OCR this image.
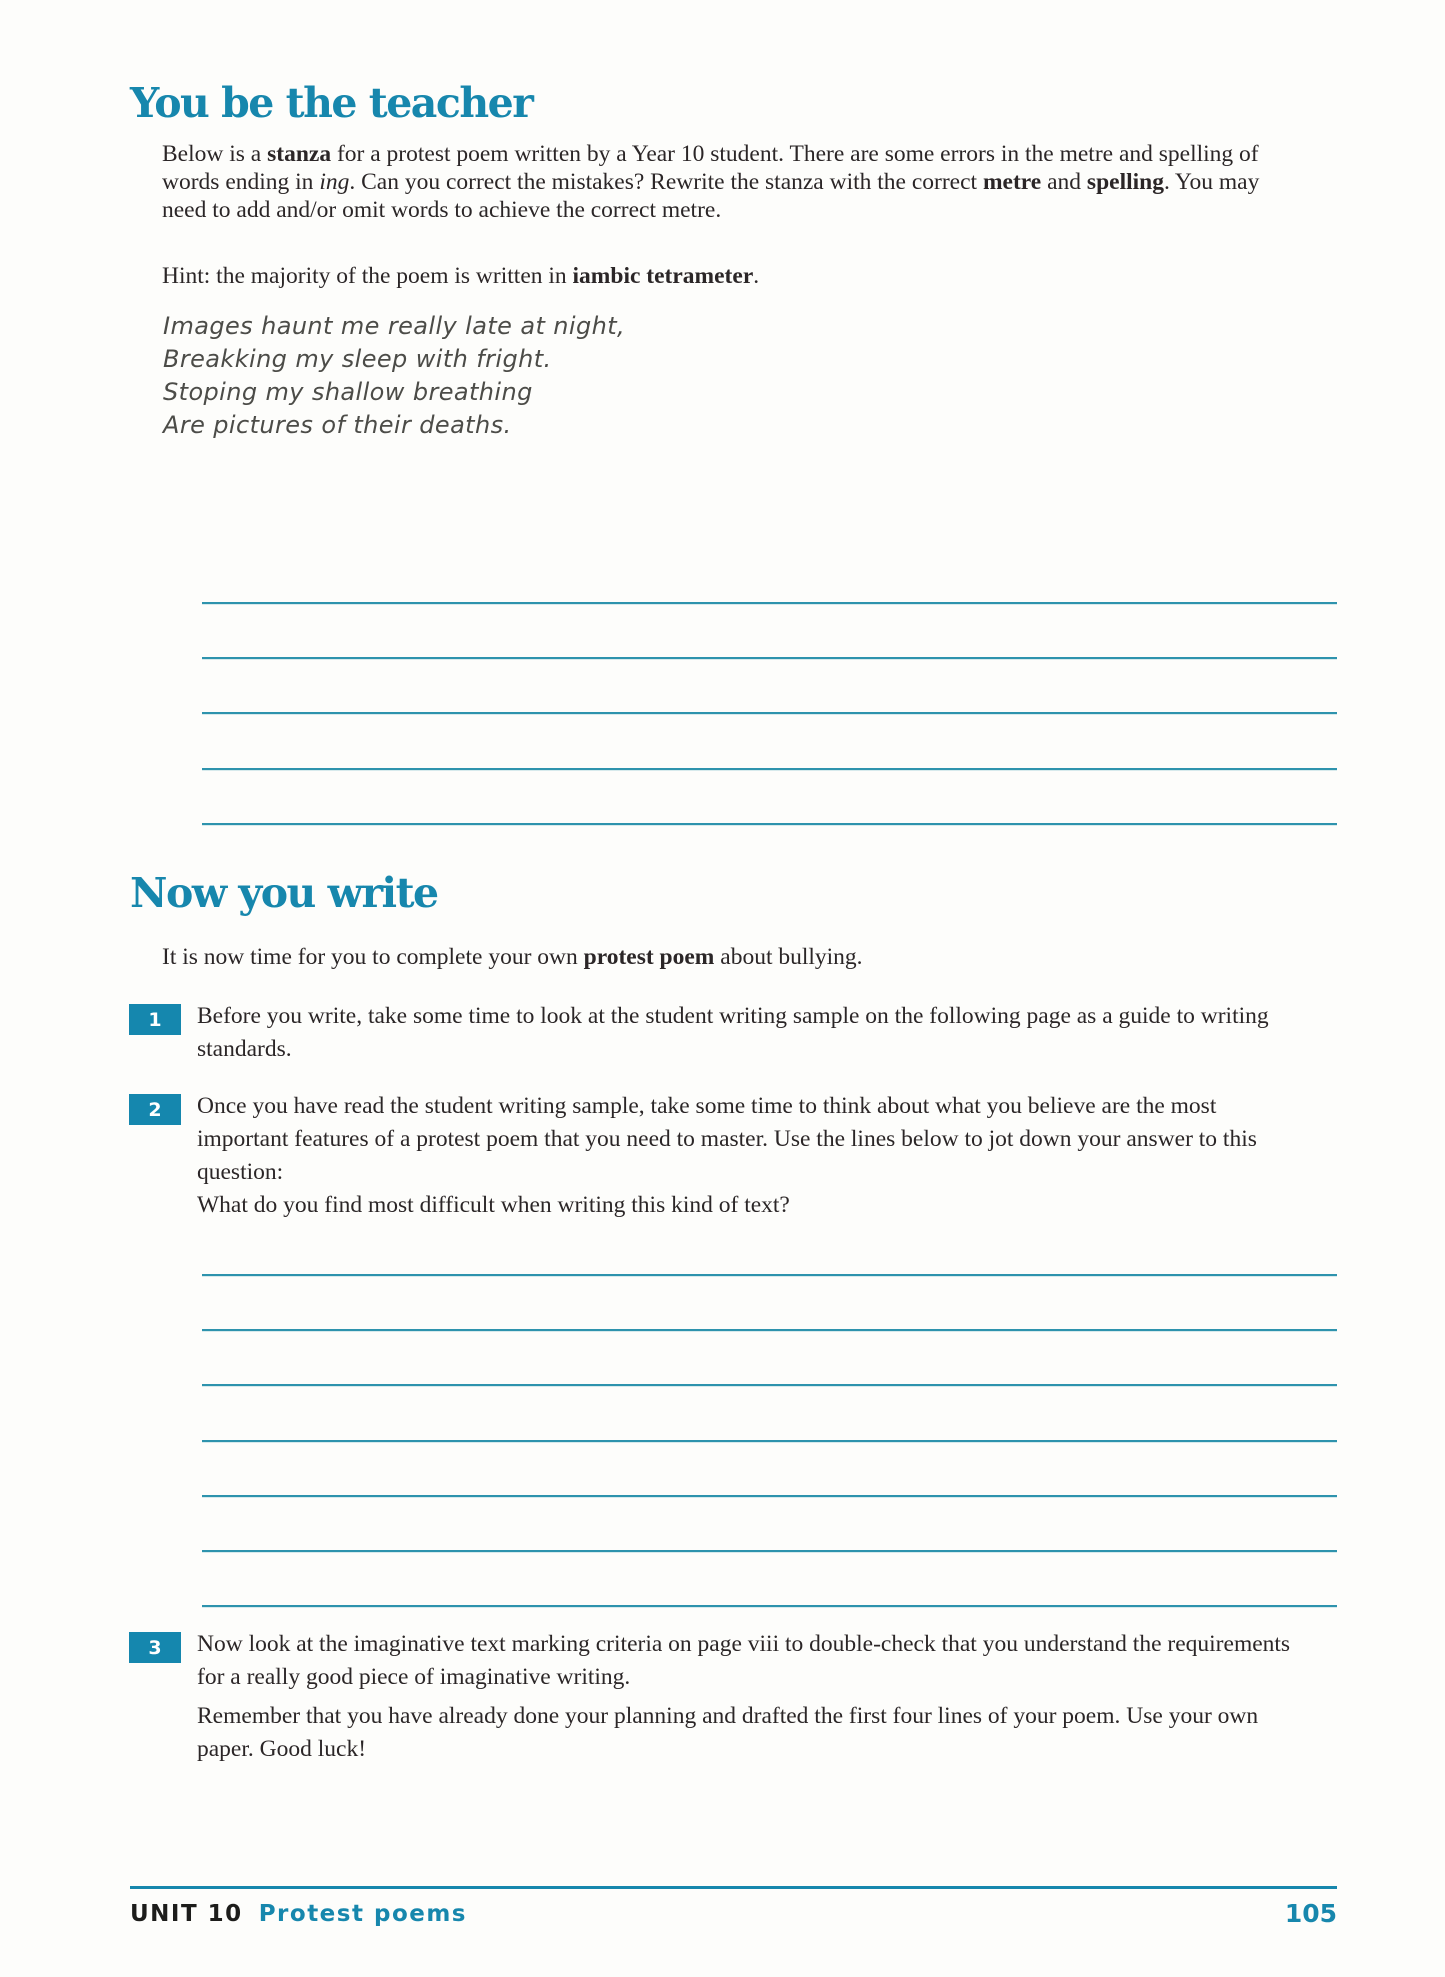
You be the teacher

Below is a stanza for a protest poem written by a Year 10 student. There are some errors in the metre and spelling of words ending in ing. Can you correct the mistakes? Rewrite the stanza with the correct metre and spelling. You may need to add and/or omit words to achieve the correct metre.

Hint: the majority of the poem is written in iambic tetrameter.

Images haunt me really late at night,
Breakking my sleep with fright.
Stoping my shallow breathing
Are pictures of their deaths.
Now you write

It is now time for you to complete your own protest poem about bullying.

1	Before you write, take some time to look at the student writing sample on the following page as a guide to writing standards.

2	Once you have read the student writing sample, take some time to think about what you believe are the most important features of a protest poem that you need to master. Use the lines below to jot down your answer to this question:
What do you find most difficult when writing this kind of text?

3	Now look at the imaginative text marking criteria on page viii to double-check that you understand the requirements for a really good piece of imaginative writing.

Remember that you have already done your planning and drafted the first four lines of your poem. Use your own paper. Good luck!

UNIT 10 Protest poems	105
